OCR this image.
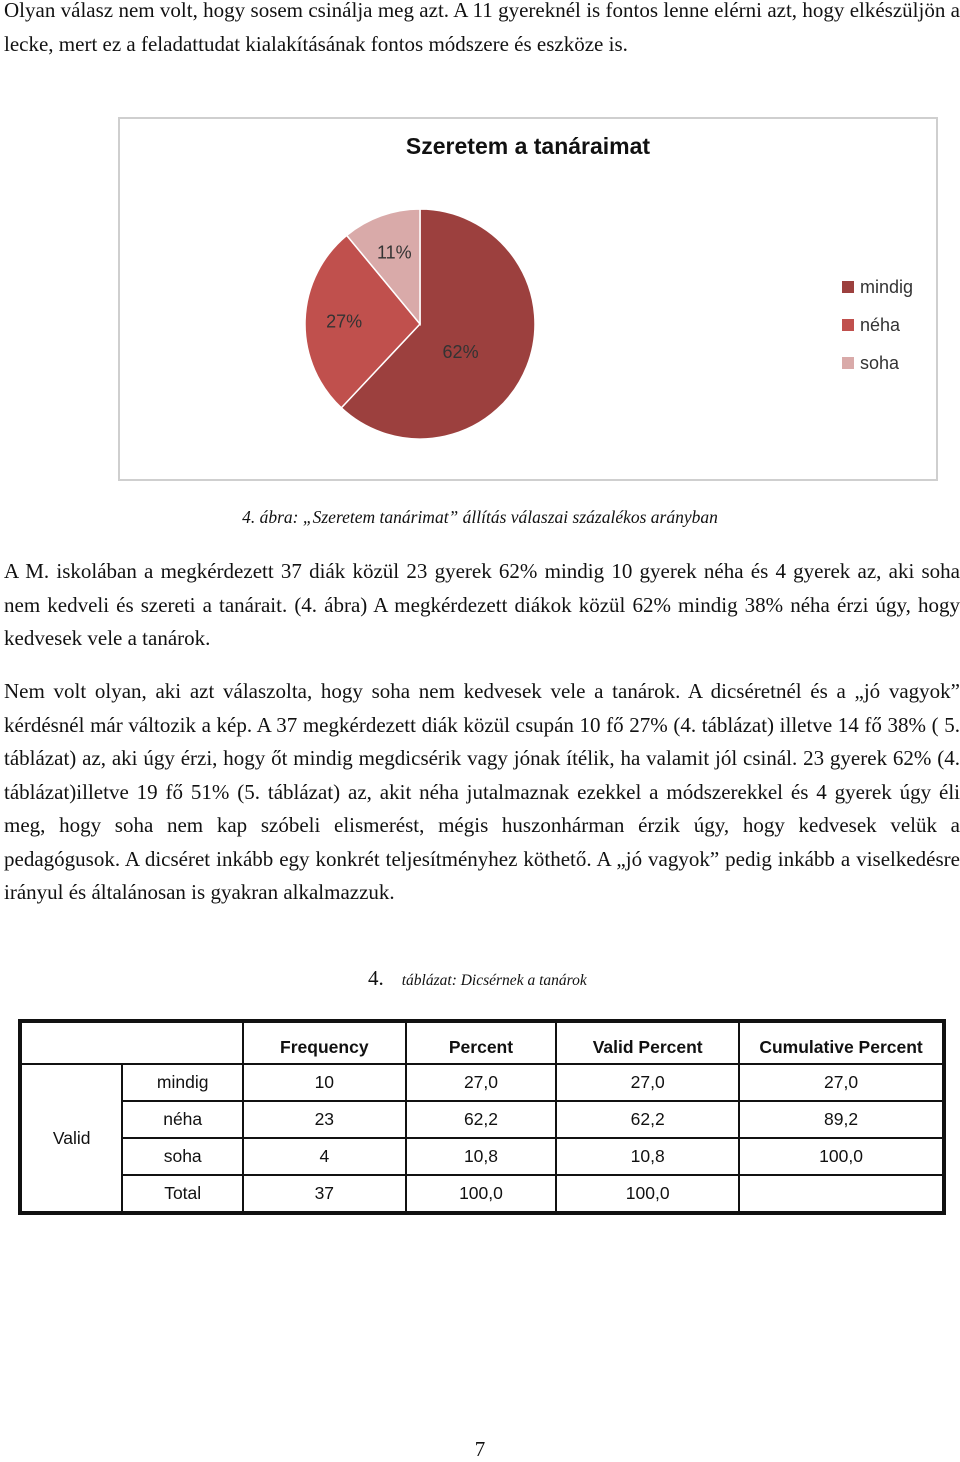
Olyan válasz nem volt, hogy sosem csinálja meg azt. A 11 gyereknél is fontos lenne elérni azt, hogy elkészüljön a lecke, mert ez a feladattudat kialakításának fontos módszere és eszköze is.

62%
27%
11%
mindig
néha
soha
Szeretem a tanáraimat
4. ábra: „Szeretem tanárimat” állítás válaszai százalékos arányban

A M. iskolában a megkérdezett 37 diák közül 23 gyerek 62% mindig 10 gyerek néha és 4 gyerek az, aki soha nem kedveli és szereti a tanárait. (4. ábra) A megkérdezett diákok közül 62% mindig 38% néha érzi úgy, hogy kedvesek vele a tanárok.

Nem volt olyan, aki azt válaszolta, hogy soha nem kedvesek vele a tanárok. A dicséretnél és a „jó vagyok” kérdésnél már változik a kép. A 37 megkérdezett diák közül csupán 10 fő 27% (4. táblázat) illetve 14 fő 38% ( 5. táblázat) az, aki úgy érzi, hogy őt mindig megdicsérik vagy jónak ítélik, ha valamit jól csinál. 23 gyerek 62% (4. táblázat)illetve 19 fő 51% (5. táblázat) az, akit néha jutalmaznak ezekkel a módszerekkel és 4 gyerek úgy éli meg, hogy soha nem kap szóbeli elismerést, mégis huszonhárman érzik úgy, hogy kedvesek velük a pedagógusok. A dicséret inkább egy konkrét teljesítményhez köthető. A „jó vagyok” pedig inkább a viselkedésre irányul és általánosan is gyakran alkalmazzuk.

4. táblázat: Dicsérnek a tanárok
		Frequency	Percent	Valid Percent	Cumulative Percent
Valid	mindig	10	27,0	27,0	27,0
	néha	23	62,2	62,2	89,2
	soha	4	10,8	10,8	100,0
	Total	37	100,0	100,0	
7
